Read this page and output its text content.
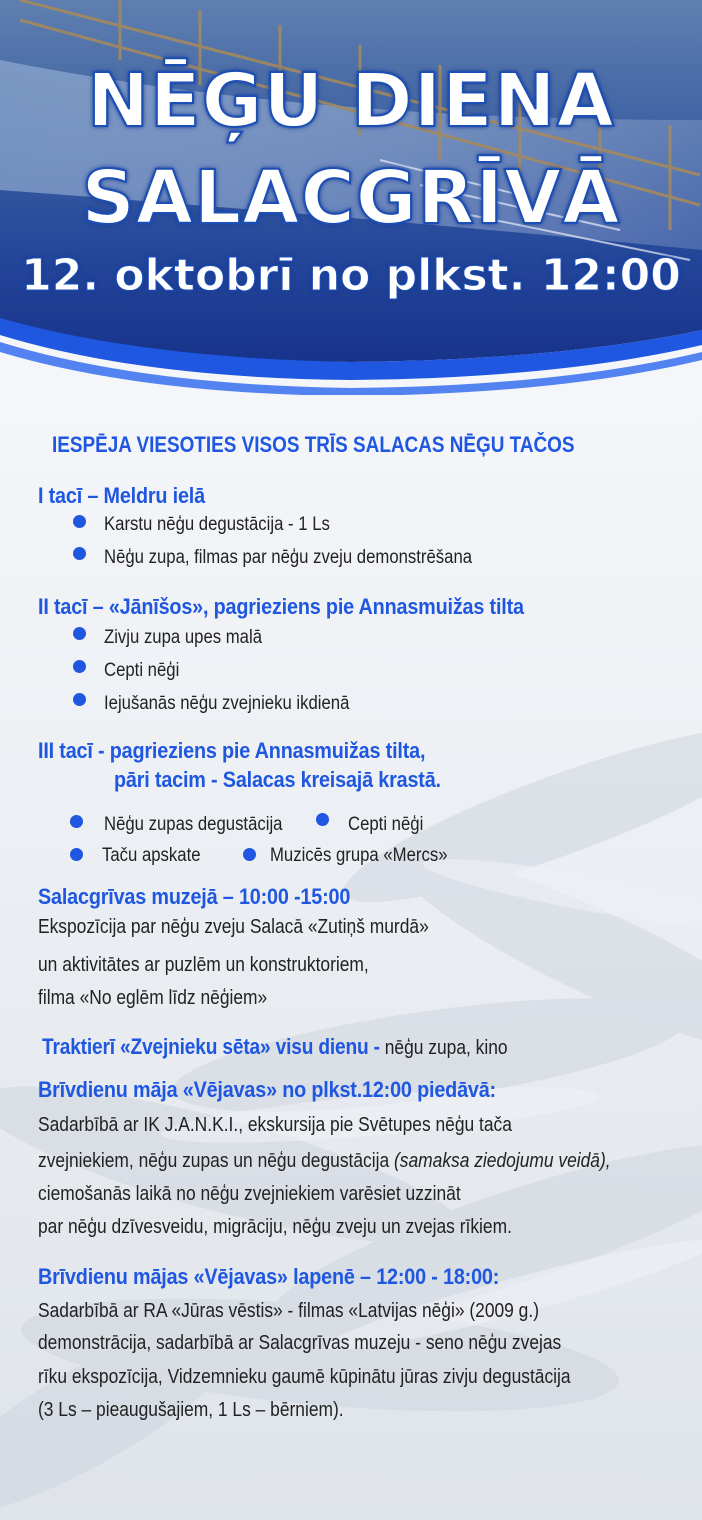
NĒĢU DIENA
SALACGRĪVĀ
12. oktobrī no plkst. 12:00
IESPĒJA VIESOTIES VISOS TRĪS SALACAS NĒĢU TAČOS
I tacī – Meldru ielā
Karstu nēģu degustācija - 1 Ls
Nēģu zupa, filmas par nēģu zveju demonstrēšana
II tacī – «Jānīšos», pagrieziens pie Annasmuižas tilta
Zivju zupa upes malā
Cepti nēģi
Iejušanās nēģu zvejnieku ikdienā
III tacī - pagrieziens pie Annasmuižas tilta,
pāri tacim - Salacas kreisajā krastā.
Nēģu zupas degustācija	Cepti nēģi
Taču apskate	Muzicēs grupa «Mercs»
Salacgrīvas muzejā – 10:00 -15:00
Ekspozīcija par nēģu zveju Salacā «Zutiņš murdā»
un aktivitātes ar puzlēm un konstruktoriem,
filma «No eglēm līdz nēģiem»
Traktierī «Zvejnieku sēta» visu dienu - nēģu zupa, kino
Brīvdienu māja «Vējavas» no plkst.12:00 piedāvā:
Sadarbībā ar IK J.A.N.K.I., ekskursija pie Svētupes nēģu tača
zvejniekiem, nēģu zupas un nēģu degustācija (samaksa ziedojumu veidā),
ciemošanās laikā no nēģu zvejniekiem varēsiet uzzināt
par nēģu dzīvesveidu, migrāciju, nēģu zveju un zvejas rīkiem.
Brīvdienu mājas «Vējavas» lapenē – 12:00 - 18:00:
Sadarbībā ar RA «Jūras vēstis» - filmas «Latvijas nēģi» (2009 g.)
demonstrācija, sadarbībā ar Salacgrīvas muzeju - seno nēģu zvejas
rīku ekspozīcija, Vidzemnieku gaumē kūpinātu jūras zivju degustācija
(3 Ls – pieaugušajiem, 1 Ls – bērniem).
